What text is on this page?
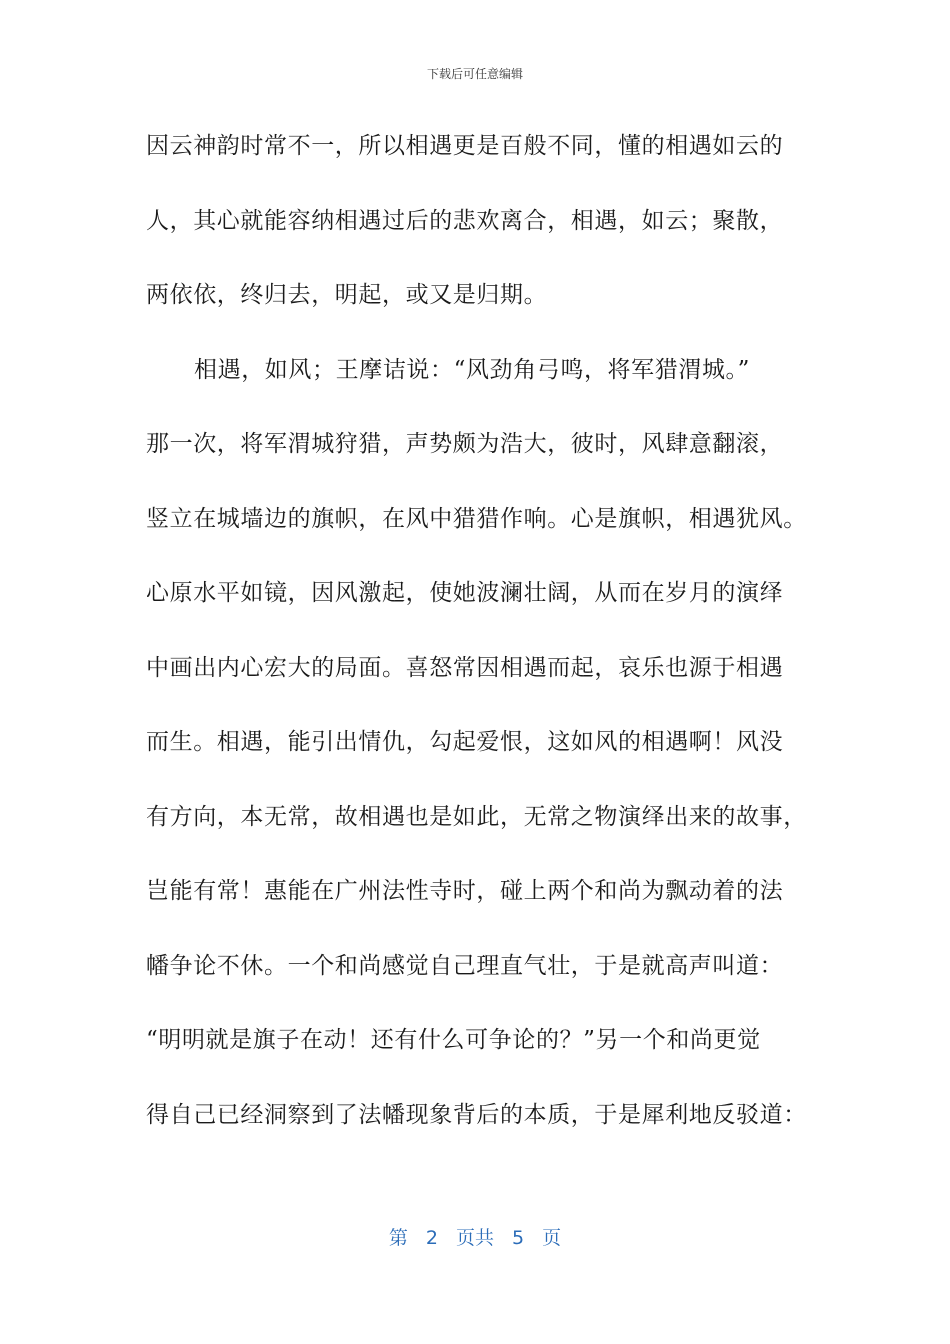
下载后可任意编辑
因云神韵时常不一，所以相遇更是百般不同，懂的相遇如云的
人，其心就能容纳相遇过后的悲欢离合，相遇，如云；聚散，
两依依，终归去，明起，或又是归期。
相遇，如风；王摩诘说：“风劲角弓鸣，将军猎渭城。”
那一次，将军渭城狩猎，声势颇为浩大，彼时，风肆意翻滚，
竖立在城墙边的旗帜，在风中猎猎作响。心是旗帜，相遇犹风。
心原水平如镜，因风激起，使她波澜壮阔，从而在岁月的演绎
中画出内心宏大的局面。喜怒常因相遇而起，哀乐也源于相遇
而生。相遇，能引出情仇，勾起爱恨，这如风的相遇啊！风没
有方向，本无常，故相遇也是如此，无常之物演绎出来的故事，
岂能有常！惠能在广州法性寺时，碰上两个和尚为飘动着的法
幡争论不休。一个和尚感觉自己理直气壮，于是就高声叫道：
“明明就是旗子在动！还有什么可争论的？”另一个和尚更觉
得自己已经洞察到了法幡现象背后的本质，于是犀利地反驳道：
第 2 页共 5 页
